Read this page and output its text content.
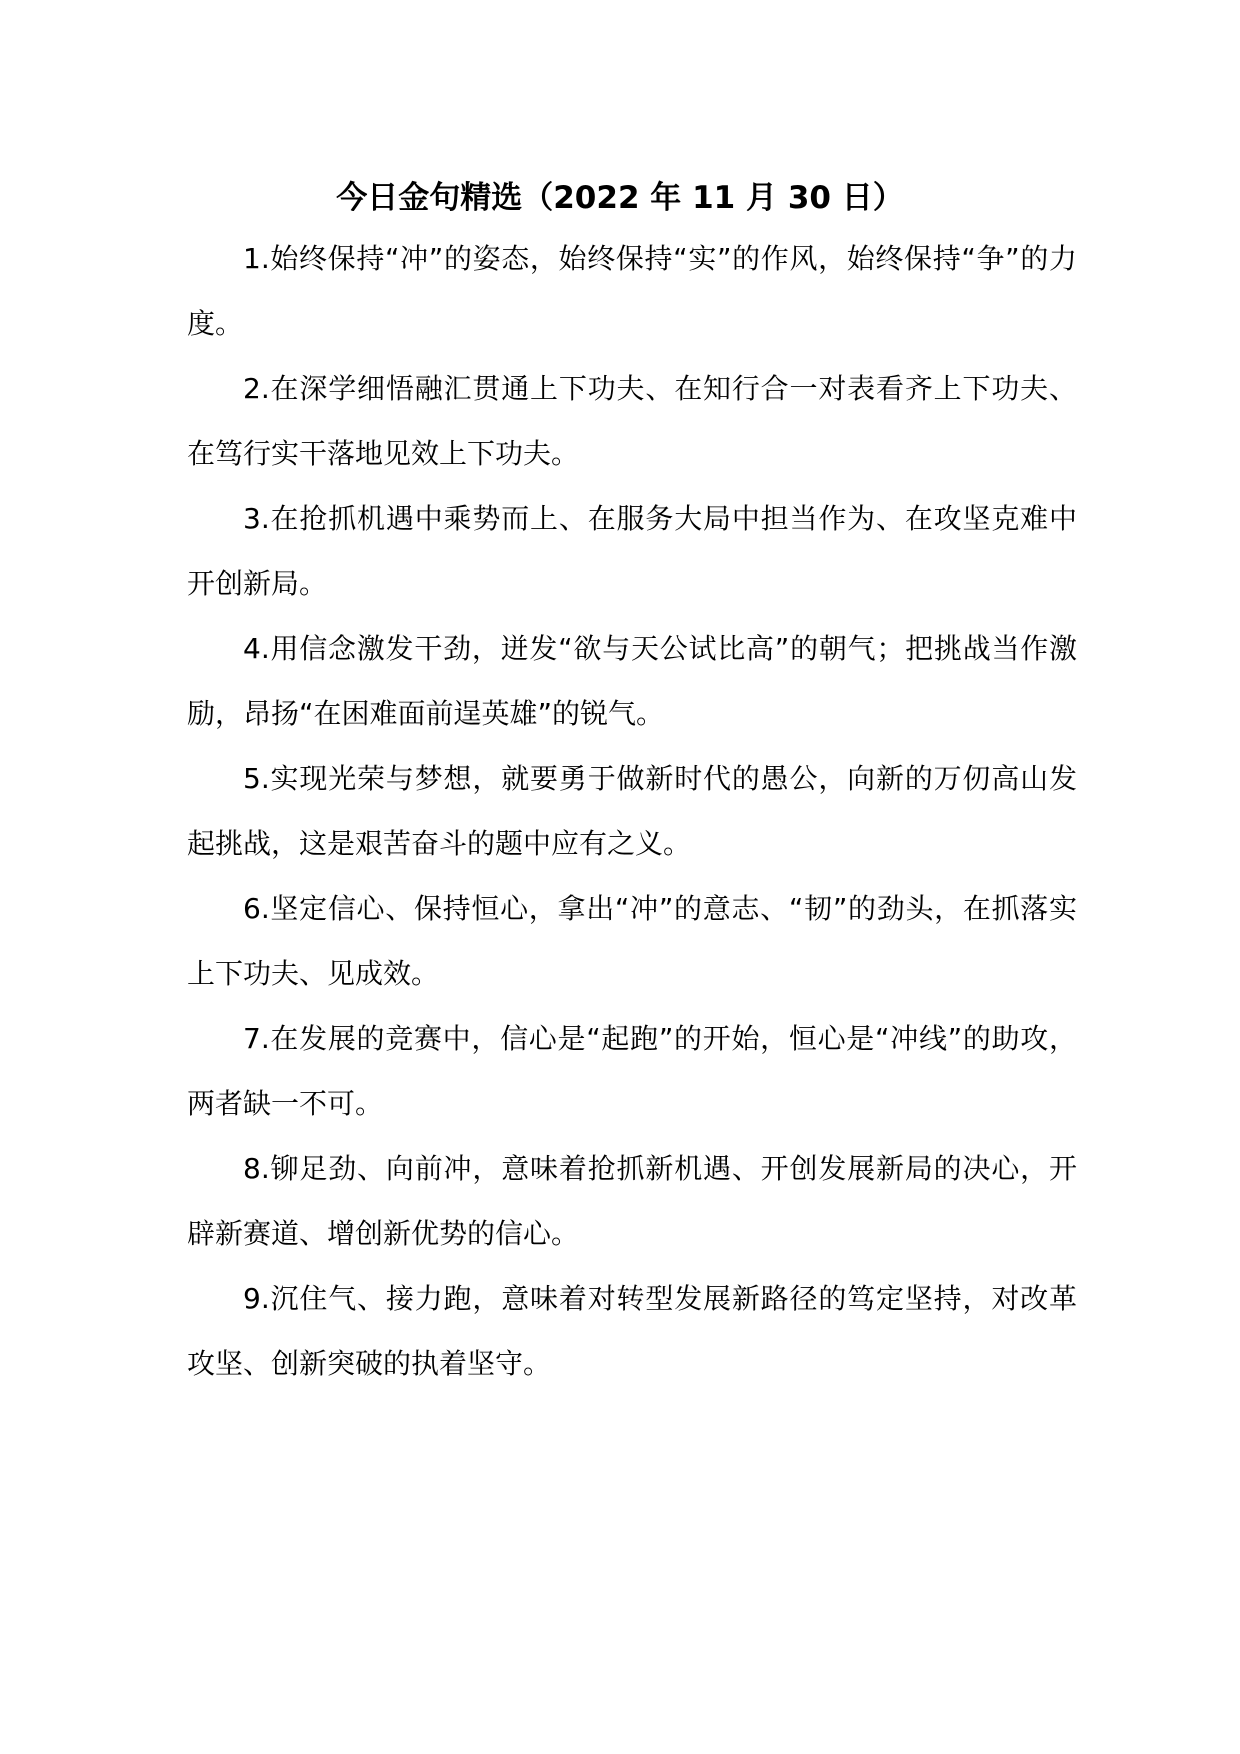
今日金句精选（2022 年 11 月 30 日）

1.始终保持“冲”的姿态，始终保持“实”的作风，始终保持“争”的力度。

2.在深学细悟融汇贯通上下功夫、在知行合一对表看齐上下功夫、在笃行实干落地见效上下功夫。

3.在抢抓机遇中乘势而上、在服务大局中担当作为、在攻坚克难中开创新局。

4.用信念激发干劲，迸发“欲与天公试比高”的朝气；把挑战当作激励，昂扬“在困难面前逞英雄”的锐气。

5.实现光荣与梦想，就要勇于做新时代的愚公，向新的万仞高山发起挑战，这是艰苦奋斗的题中应有之义。

6.坚定信心、保持恒心，拿出“冲”的意志、“韧”的劲头，在抓落实上下功夫、见成效。

7.在发展的竞赛中，信心是“起跑”的开始，恒心是“冲线”的助攻，两者缺一不可。

8.铆足劲、向前冲，意味着抢抓新机遇、开创发展新局的决心，开辟新赛道、增创新优势的信心。

9.沉住气、接力跑，意味着对转型发展新路径的笃定坚持，对改革攻坚、创新突破的执着坚守。
